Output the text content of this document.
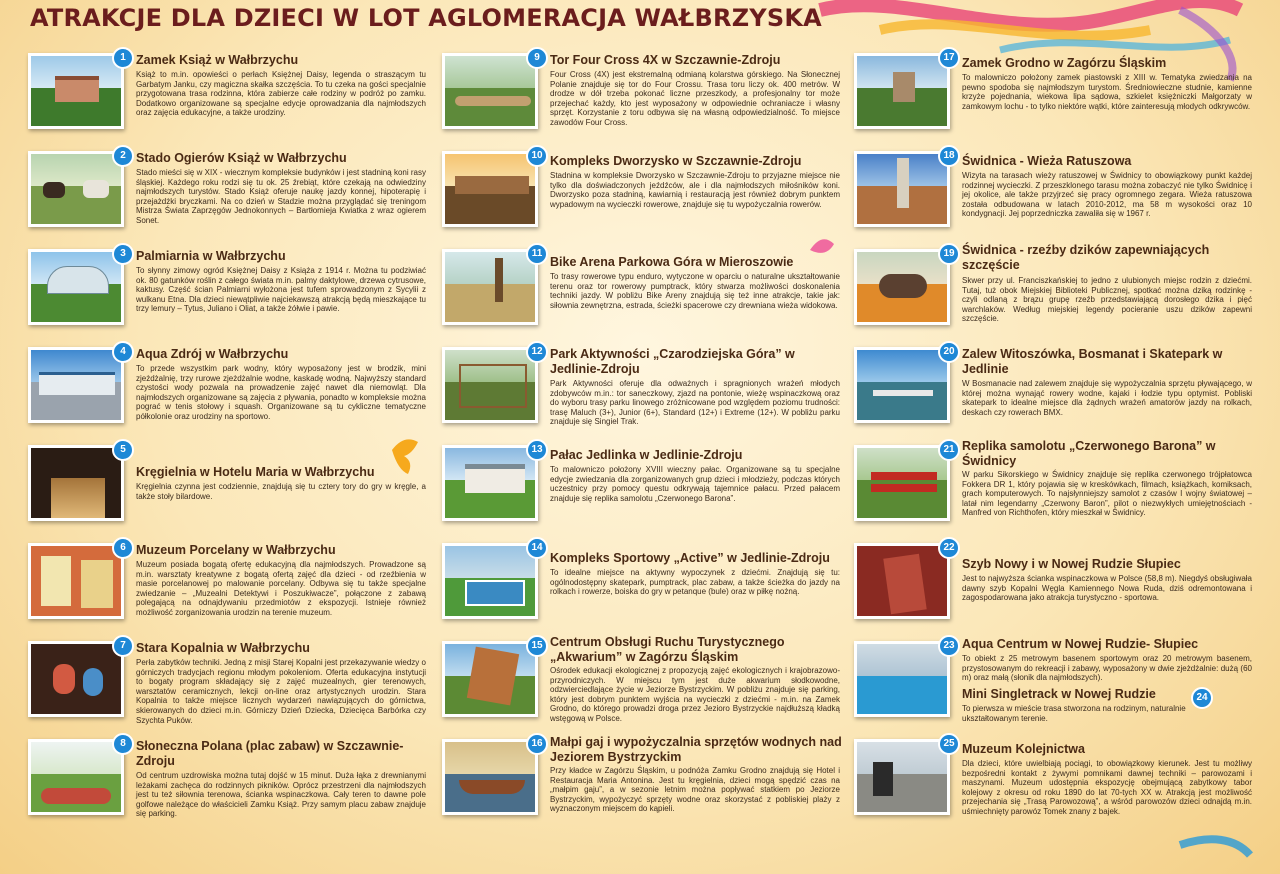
ATRAKCJE DLA DZIECI W LOT AGLOMERACJA WAŁBRZYSKA
1 Zamek Książ w Wałbrzychu
Książ to m.in. opowieści o perłach Księżnej Daisy, legenda o straszącym tu Garbatym Janku, czy magiczna skałka szczęścia. To tu czeka na gości specjalnie przygotowana trasa rodzinna, która zabierze całe rodziny w podróż po zamku. Dodatkowo organizowane są specjalne edycje oprowadzania dla najmłodszych oraz zajęcia edukacyjne, a także urodziny.
2 Stado Ogierów Książ w Wałbrzychu
Stado mieści się w XIX - wiecznym kompleksie budynków i jest stadniną koni rasy śląskiej. Każdego roku rodzi się tu ok. 25 źrebiąt, które czekają na odwiedziny najmłodszych turystów. Stado Książ oferuje naukę jazdy konnej, hipoterapię i przejażdżki bryczkami. Na co dzień w Stadzie można przyglądać się treningom Mistrza Świata Zaprzęgów Jednokonnych – Bartłomieja Kwiatka z wraz ogierem Sonet.
3 Palmiarnia w Wałbrzychu
To słynny zimowy ogród Księżnej Daisy z Książa z 1914 r. Można tu podziwiać ok. 80 gatunków roślin z całego świata m.in. palmy daktylowe, drzewa cytrusowe, kaktusy. Część ścian Palmiarni wyłożona jest tufem sprowadzonym z Sycylii z wulkanu Etna. Dla dzieci niewątpliwie najciekawszą atrakcją będą mieszkające tu trzy lemury – Tytus, Juliano i Oliat, a także żółwie i pawie.
4 Aqua Zdrój w Wałbrzychu
To przede wszystkim park wodny, który wyposażony jest w brodzik, mini zjeżdżalnię, trzy rurowe zjeżdżalnie wodne, kaskadę wodną. Najwyższy standard czystości wody pozwala na prowadzenie zajęć nawet dla niemowląt. Dla najmłodszych organizowane są zajęcia z pływania, ponadto w kompleksie można pograć w tenis stołowy i squash. Organizowane są tu cykliczne tematyczne półkolonie oraz urodziny na sportowo.
5
Kręgielnia w Hotelu Maria w Wałbrzychu
Kręgielnia czynna jest codziennie, znajdują się tu cztery tory do gry w kręgle, a także stoły bilardowe.
6 Muzeum Porcelany w Wałbrzychu
Muzeum posiada bogatą ofertę edukacyjną dla najmłodszych. Prowadzone są m.in. warsztaty kreatywne z bogatą ofertą zajęć dla dzieci - od rzeźbienia w masie porcelanowej po malowanie porcelany. Odbywa się tu także specjalne zwiedzanie – „Muzealni Detektywi i Poszukiwacze”, połączone z zabawą polegającą na odnajdywaniu przedmiotów z ekspozycji. Istnieje również możliwość zorganizowania urodzin na terenie muzeum.
7 Stara Kopalnia w Wałbrzychu
Perła zabytków techniki. Jedną z misji Starej Kopalni jest przekazywanie wiedzy o górniczych tradycjach regionu młodym pokoleniom. Oferta edukacyjna instytucji to bogaty program składający się z zajęć muzealnych, gier terenowych, warsztatów ceramicznych, lekcji on-line oraz artystycznych urodzin. Stara Kopalnia to także miejsce licznych wydarzeń nawiązujących do górnictwa, skierowanych do dzieci m.in. Górniczy Dzień Dziecka, Dziecięca Barbórka czy Szychta Puków.
8 Słoneczna Polana (plac zabaw) w Szczawnie-Zdroju
Od centrum uzdrowiska można tutaj dojść w 15 minut. Duża łąka z drewnianymi leżakami zachęca do rodzinnych pikników. Oprócz przestrzeni dla najmłodszych jest tu też siłownia terenowa, ścianka wspinaczkowa. Cały teren to dawne pole golfowe należące do właścicieli Zamku Książ. Przy samym placu zabaw znajduje się parking.
9 Tor Four Cross 4X w Szczawnie-Zdroju
Four Cross (4X) jest ekstremalną odmianą kolarstwa górskiego. Na Słonecznej Polanie znajduje się tor do Four Crossu. Trasa toru liczy ok. 400 metrów. W drodze w dół trzeba pokonać liczne przeszkody, a profesjonalny tor może przejechać każdy, kto jest wyposażony w odpowiednie ochraniacze i własny sprzęt. Korzystanie z toru odbywa się na własną odpowiedzialność. To miejsce zawodów Four Cross.
10 Kompleks Dworzysko w Szczawnie-Zdroju
Stadnina w kompleksie Dworzysko w Szczawnie-Zdroju to przyjazne miejsce nie tylko dla doświadczonych jeźdźców, ale i dla najmłodszych miłośników koni. Dworzysko poza stadniną, kawiarnią i restauracją jest również dobrym punktem wypadowym na wycieczki rowerowe, znajduje się tu wypożyczalnia rowerów.
11
Bike Arena Parkowa Góra w Mieroszowie
To trasy rowerowe typu enduro, wytyczone w oparciu o naturalne ukształtowanie terenu oraz tor rowerowy pumptrack, który stwarza możliwości doskonalenia techniki jazdy. W pobliżu Bike Areny znajdują się też inne atrakcje, takie jak: siłownia zewnętrzna, estrada, ścieżki spacerowe czy drewniana wieża widokowa.
12 Park Aktywności „Czarodziejska Góra” w Jedlinie-Zdroju
Park Aktywności oferuje dla odważnych i spragnionych wrażeń młodych zdobywców m.in.: tor saneczkowy, zjazd na pontonie, wieżę wspinaczkową oraz do wyboru trasy parku linowego zróżnicowane pod względem poziomu trudności: trasę Maluch (3+), Junior (6+), Standard (12+) i Extreme (12+). W pobliżu parku znajduje się Singiel Trak.
13 Pałac Jedlinka w Jedlinie-Zdroju
To malowniczo położony XVIII wieczny pałac. Organizowane są tu specjalne edycje zwiedzania dla zorganizowanych grup dzieci i młodzieży, podczas których uczestnicy przy pomocy questu odkrywają tajemnice pałacu. Przed pałacem znajduje się replika samolotu „Czerwonego Barona”.
14
Kompleks Sportowy „Active” w Jedlinie-Zdroju
To idealne miejsce na aktywny wypoczynek z dziećmi. Znajdują się tu: ogólnodostępny skatepark, pumptrack, plac zabaw, a także ścieżka do jazdy na rolkach i rowerze, boiska do gry w petanque (bule) oraz w piłkę nożną.
15 Centrum Obsługi Ruchu Turystycznego „Akwarium” w Zagórzu Śląskim
Ośrodek edukacji ekologicznej z propozycją zajęć ekologicznych i krajobrazowo-przyrodniczych. W miejscu tym jest duże akwarium słodkowodne, odzwierciedlające życie w Jeziorze Bystrzyckim. W pobliżu znajduje się parking, który jest dobrym punktem wyjścia na wycieczki z dziećmi - m.in. na Zamek Grodno, do którego prowadzi droga przez Jezioro Bystrzyckie najdłuższą kładką wstęgową w Polsce.
16 Małpi gaj i wypożyczalnia sprzętów wodnych nad Jeziorem Bystrzyckim
Przy kładce w Zagórzu Śląskim, u podnóża Zamku Grodno znajdują się Hotel i Restauracja Maria Antonina. Jest tu kręgielnia, dzieci mogą spędzić czas na „małpim gaju”, a w sezonie letnim można popływać statkiem po Jeziorze Bystrzyckim, wypożyczyć sprzęty wodne oraz skorzystać z pobliskiej plaży z wyznaczonym miejscem do kąpieli.
17 Zamek Grodno w Zagórzu Śląskim
To malowniczo położony zamek piastowski z XIII w. Tematyka zwiedzania na pewno spodoba się najmłodszym turystom. Średniowieczne studnie, kamienne krzyże pojednania, wiekowa lipa sądowa, szkielet księżniczki Małgorzaty w zamkowym lochu - to tylko niektóre wątki, które zainteresują młodych odkrywców.
18 Świdnica - Wieża Ratuszowa
Wizyta na tarasach wieży ratuszowej w Świdnicy to obowiązkowy punkt każdej rodzinnej wycieczki. Z przeszklonego tarasu można zobaczyć nie tylko Świdnicę i jej okolice, ale także przyjrzeć się pracy ogromnego zegara. Wieża ratuszowa została odbudowana w latach 2010-2012, ma 58 m wysokości oraz 10 kondygnacji. Jej poprzedniczka zawaliła się w 1967 r.
19 Świdnica - rzeźby dzików zapewniających szczęście
Skwer przy ul. Franciszkańskiej to jedno z ulubionych miejsc rodzin z dziećmi. Tutaj, tuż obok Miejskiej Biblioteki Publicznej, spotkać można dziką rodzinkę - czyli odlaną z brązu grupę rzeźb przedstawiającą dorosłego dzika i pięć warchlaków. Według miejskiej legendy pocieranie uszu dzików zapewni szczęście.
20 Zalew Witoszówka, Bosmanat i Skatepark w Jedlinie
W Bosmanacie nad zalewem znajduje się wypożyczalnia sprzętu pływającego, w której można wynająć rowery wodne, kajaki i łodzie typu optymist. Pobliski skatepark to idealne miejsce dla żądnych wrażeń amatorów jazdy na rolkach, deskach czy rowerach BMX.
21 Replika samolotu „Czerwonego Barona” w Świdnicy
W parku Sikorskiego w Świdnicy znajduje się replika czerwonego trójpłatowca Fokkera DR 1, który pojawia się w kreskówkach, filmach, książkach, komiksach, grach komputerowych. To najsłynniejszy samolot z czasów I wojny światowej – latał nim legendarny „Czerwony Baron”, pilot o niezwykłych umiejętnościach - Manfred von Richthofen, który mieszkał w Świdnicy.
22
Szyb Nowy i w Nowej Rudzie Słupiec
Jest to najwyższa ścianka wspinaczkowa w Polsce (58,8 m). Niegdyś obsługiwała dawny szyb Kopalni Węgla Kamiennego Nowa Ruda, dziś odremontowana i zagospodarowana jako atrakcja turystyczno - sportowa.
23 Aqua Centrum w Nowej Rudzie- Słupiec
To obiekt z 25 metrowym basenem sportowym oraz 20 metrowym basenem, przystosowanym do rekreacji i zabawy, wyposażony w dwie zjeżdżalnie: dużą (60 m) oraz małą (słonik dla najmłodszych).
Mini Singletrack w Nowej Rudzie	24
To pierwsza w mieście trasa stworzona na rodzinym, naturalnie ukształtowanym terenie.
25 Muzeum Kolejnictwa
Dla dzieci, które uwielbiają pociągi, to obowiązkowy kierunek. Jest tu możliwy bezpośredni kontakt z żywymi pomnikami dawnej techniki – parowozami i maszynami. Muzeum udostępnia ekspozycję obejmującą zabytkowy tabor kolejowy z okresu od roku 1890 do lat 70-tych XX w. Atrakcją jest możliwość przejechania się „Trasą Parowozową”, a wśród parowozów dzieci odnajdą m.in. uśmiechnięty parowóz Tomek znany z bajek.
